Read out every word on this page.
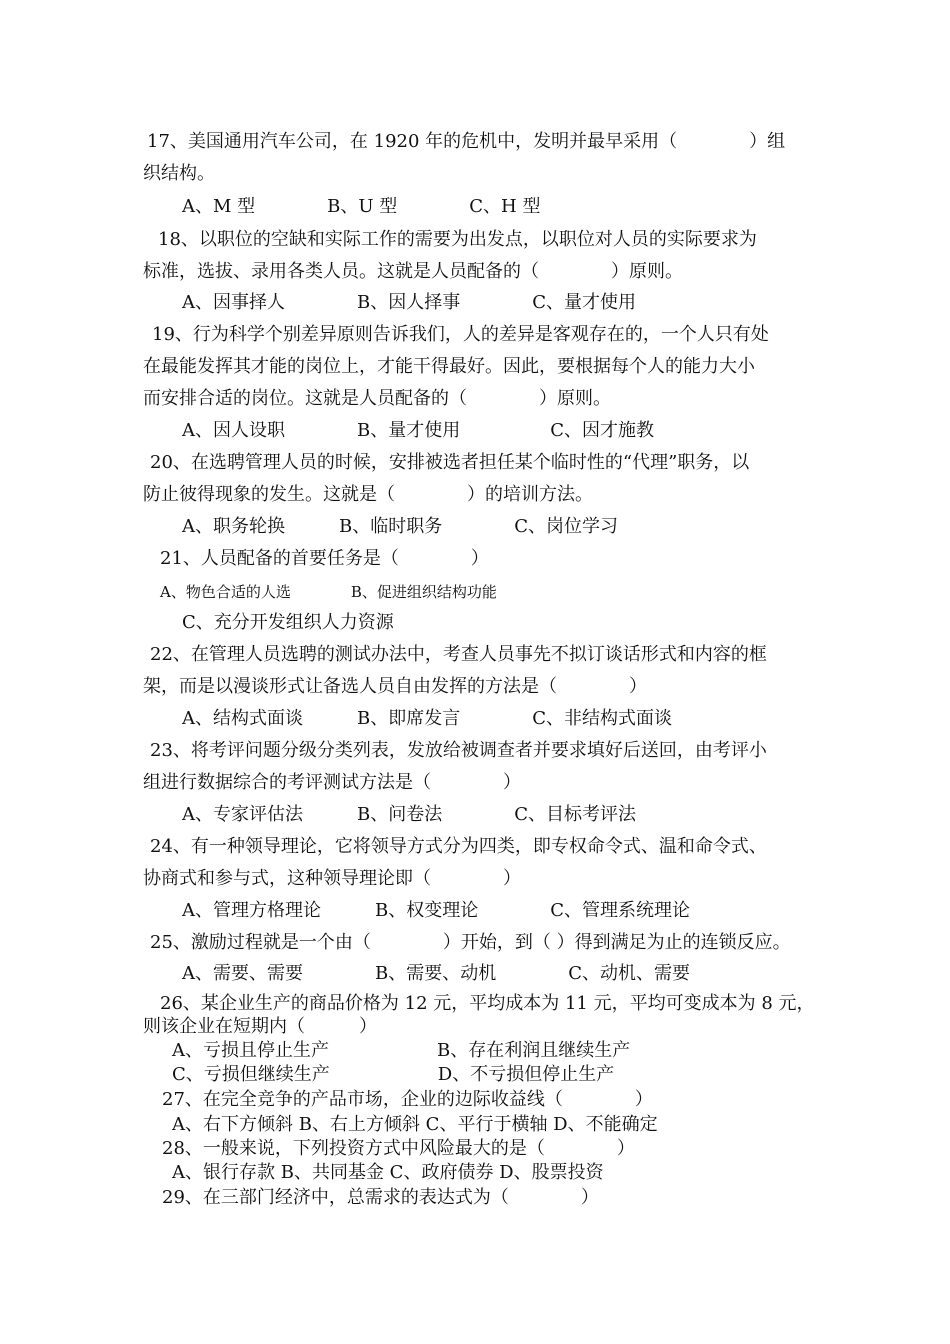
17、美国通用汽车公司，在 1920 年的危机中，发明并最早采用（　　　　）组
织结构。
A、M 型　　　　B、U 型　　　　C、H 型
18、以职位的空缺和实际工作的需要为出发点，以职位对人员的实际要求为
标准，选拔、录用各类人员。这就是人员配备的（　　　　）原则。
A、因事择人　　　　B、因人择事　　　　C、量才使用
19、行为科学个别差异原则告诉我们，人的差异是客观存在的，一个人只有处
在最能发挥其才能的岗位上，才能干得最好。因此，要根据每个人的能力大小
而安排合适的岗位。这就是人员配备的（　　　　）原则。
A、因人设职　　　　B、量才使用　　　　　C、因才施教
20、在选聘管理人员的时候，安排被选者担任某个临时性的“代理”职务，以
防止彼得现象的发生。这就是（　　　　）的培训方法。
A、职务轮换　　　B、临时职务　　　　C、岗位学习
21、人员配备的首要任务是（　　　　）
A、物色合适的人选　　　　B、促进组织结构功能
C、充分开发组织人力资源
22、在管理人员选聘的测试办法中，考查人员事先不拟订谈话形式和内容的框
架，而是以漫谈形式让备选人员自由发挥的方法是（　　　　）
A、结构式面谈　　　B、即席发言　　　　C、非结构式面谈
23、将考评问题分级分类列表，发放给被调查者并要求填好后送回，由考评小
组进行数据综合的考评测试方法是（　　　　）
A、专家评估法　　　B、问卷法　　　　C、目标考评法
24、有一种领导理论，它将领导方式分为四类，即专权命令式、温和命令式、
协商式和参与式，这种领导理论即（　　　　）
A、管理方格理论　　　B、权变理论　　　　C、管理系统理论
25、激励过程就是一个由（　　　　）开始，到（ ）得到满足为止的连锁反应。
A、需要、需要　　　　B、需要、动机　　　　C、动机、需要
26、某企业生产的商品价格为 12 元，平均成本为 11 元，平均可变成本为 8 元，
则该企业在短期内（　　　）
A、亏损且停止生产　　　　　　B、存在利润且继续生产
C、亏损但继续生产　　　　　　D、不亏损但停止生产
27、在完全竞争的产品市场，企业的边际收益线（　　　　）
A、右下方倾斜 B、右上方倾斜 C、平行于横轴 D、不能确定
28、一般来说，下列投资方式中风险最大的是（　　　　）
A、银行存款 B、共同基金 C、政府债券 D、股票投资
29、在三部门经济中，总需求的表达式为（　　　　）
